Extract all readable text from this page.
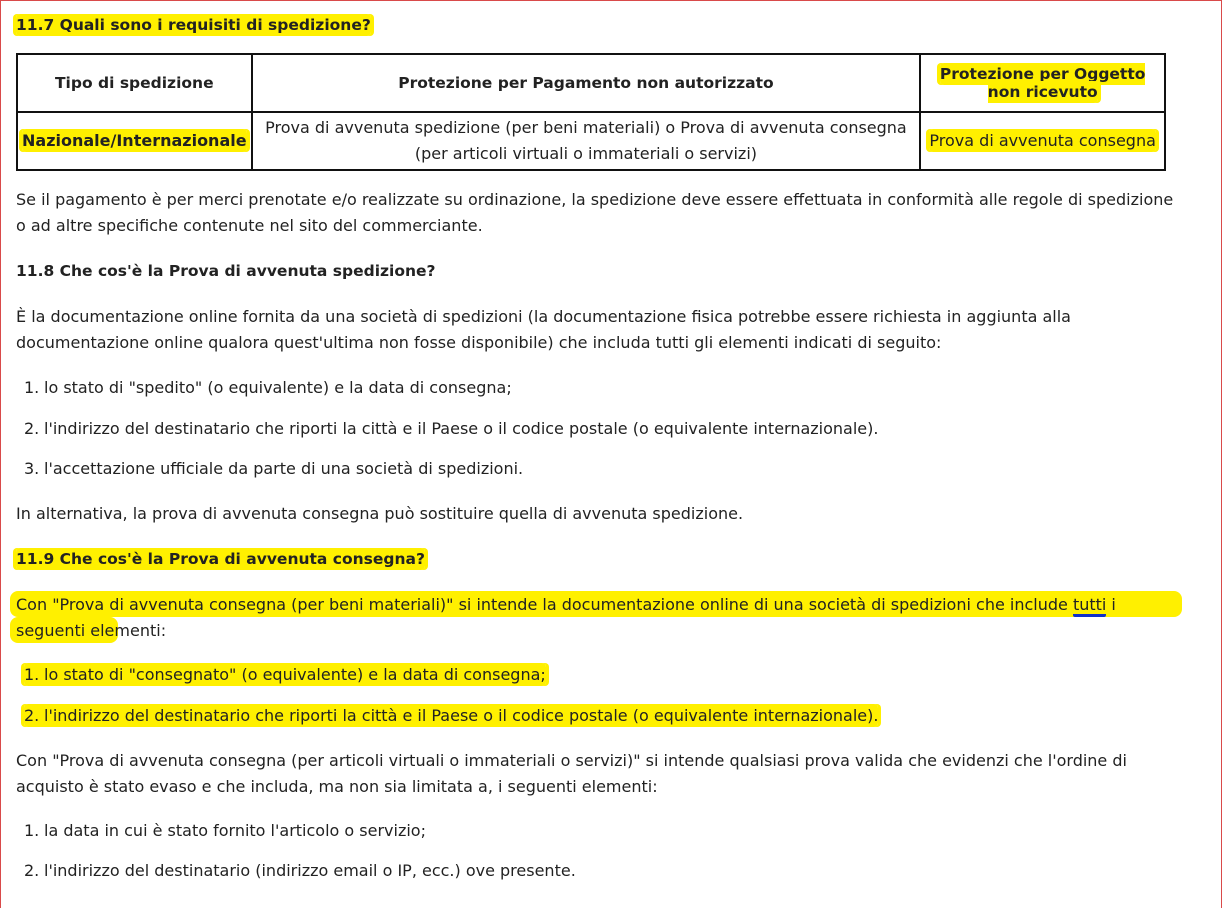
11.7 Quali sono i requisiti di spedizione?
Tipo di spedizione	Protezione per Pagamento non autorizzato	Protezione per Oggetto non ricevuto
Nazionale/Internazionale	Prova di avvenuta spedizione (per beni materiali) o Prova di avvenuta consegna (per articoli virtuali o immateriali o servizi)	Prova di avvenuta consegna

Se il pagamento è per merci prenotate e/o realizzate su ordinazione, la spedizione deve essere effettuata in conformità alle regole di spedizione o ad altre specifiche contenute nel sito del commerciante.

11.8 Che cos'è la Prova di avvenuta spedizione?

È la documentazione online fornita da una società di spedizioni (la documentazione fisica potrebbe essere richiesta in aggiunta alla documentazione online qualora quest'ultima non fosse disponibile) che includa tutti gli elementi indicati di seguito:

1. lo stato di "spedito" (o equivalente) e la data di consegna;
2. l'indirizzo del destinatario che riporti la città e il Paese o il codice postale (o equivalente internazionale).
3. l'accettazione ufficiale da parte di una società di spedizioni.

In alternativa, la prova di avvenuta consegna può sostituire quella di avvenuta spedizione.

11.9 Che cos'è la Prova di avvenuta consegna?

Con "Prova di avvenuta consegna (per beni materiali)" si intende la documentazione online di una società di spedizioni che include tutti i seguenti elementi:

1. lo stato di "consegnato" (o equivalente) e la data di consegna;
2. l'indirizzo del destinatario che riporti la città e il Paese o il codice postale (o equivalente internazionale).

Con "Prova di avvenuta consegna (per articoli virtuali o immateriali o servizi)" si intende qualsiasi prova valida che evidenzi che l'ordine di acquisto è stato evaso e che includa, ma non sia limitata a, i seguenti elementi:

1. la data in cui è stato fornito l'articolo o servizio;
2. l'indirizzo del destinatario (indirizzo email o IP, ecc.) ove presente.
